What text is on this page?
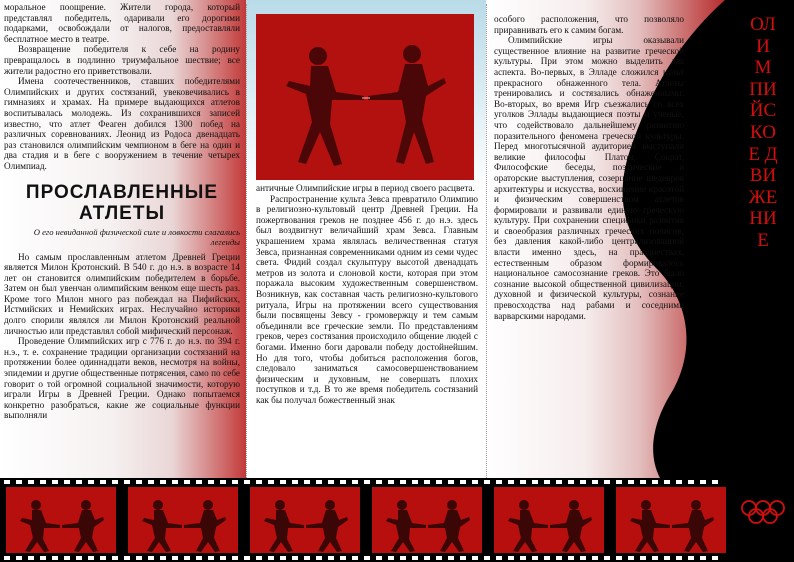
моральное поощрение. Жители города, который представлял победитель, одаривали его дорогими подарками, освобождали от налогов, предоставляли бесплатное место в театре.

Возвращение победителя к себе на родину превращалось в подлинно триумфальное шествие; все жители радостно его приветствовали.

Имена соотечественников, ставших победителями Олимпийских и других состязаний, увековечивались в гимназиях и храмах. На примере выдающихся атлетов воспитывалась молодежь. Из сохранившихся записей известно, что атлет Феаген добился 1300 побед на различных соревнованиях. Леонид из Родоса двенадцать раз становился олимпийским чемпионом в беге на один и два стадия и в беге с вооружением в течение четырех Олимпиад.

ПРОСЛАВЛЕННЫЕ АТЛЕТЫ
О его невиданной физической силе и ловкости слагались легенды

Но самым прославленным атлетом Древней Греции является Милон Кротонский. В 540 г. до н.э. в возрасте 14 лет он становится олимпийским победителем в борьбе. Затем он был увенчан олимпийским венком еще шесть раз. Кроме того Милон много раз побеждал на Пифийских, Истмийских и Немийских играх. Неслучайно историки долго спорили являлся ли Милон Кротонский реальной личностью или представлял собой мифический персонаж.

Проведение Олимпийских игр с 776 г. до н.э. по 394 г. н.э., т. е. сохранение традиции организации состязаний на протяжении более одиннадцати веков, несмотря на войны, эпидемии и другие общественные потрясения, само по себе говорит о той огромной социальной значимости, которую играли Игры в Древней Греции. Однако попытаемся конкретно разобраться, какие же социальные функции выполняли

античные Олимпийские игры в период своего расцвета.

Распространение культа Зевса превратило Олимпию в религиозно-культовый центр Древней Греции. На пожертвования греков не позднее 456 г. до н.э. здесь был воздвигнут величайший храм Зевса. Главным украшением храма являлась величественная статуя Зевса, признанная современниками одним из семи чудес света. Фидий создал скульптуру высотой двенадцать метров из золота и слоновой кости, которая при этом поражала высоким художественным совершенством. Возникнув, как составная часть религиозно-культового ритуала, Игры на протяжении всего существования были посвящены Зевсу - громовержцу и тем самым объединяли все греческие земли. По представлениям греков, через состязания происходило общение людей с богами. Именно боги даровали победу достойнейшим. Но для того, чтобы добиться расположения богов, следовало заниматься самосовершенствованием физическим и духовным, не совершать плохих поступков и т.д. В то же время победитель состязаний как бы получал божественный знак

особого расположения, что позволяло приравнивать его к самим богам.

Олимпийские игры оказывали существенное влияние на развитие греческой культуры. При этом можно выделить два аспекта. Во-первых, в Элладе сложился культ прекрасного обнаженного тела. Атлеты тренировались и состязались обнаженными. Во-вторых, во время Игр съезжались со всех уголков Эллады выдающиеся поэты и ученые, что содействовало дальнейшему развитию поразительного феномена греческой культуры. Перед многотысячной аудиторией выступали великие философы Платон, Сократ, Философские беседы, поэтические и ораторские выступления, созерцание шедевров архитектуры и искусства, восхищение красотой и физическим совершенством атлетов формировали и развивали единую греческую культуру. При сохранении специфики развития и своеобразия различных греческих полисов, без давления какой-либо централизованной власти именно здесь, на празднествах, естественным образом формировалось национальное самосознание греков. Это было сознание высокой общественной цивилизации, духовной и физической культуры, сознание превосходства над рабами и соседними варварскими народами.

ОЛИМПИЙСКОЕ ДВИЖЕНИЕ
